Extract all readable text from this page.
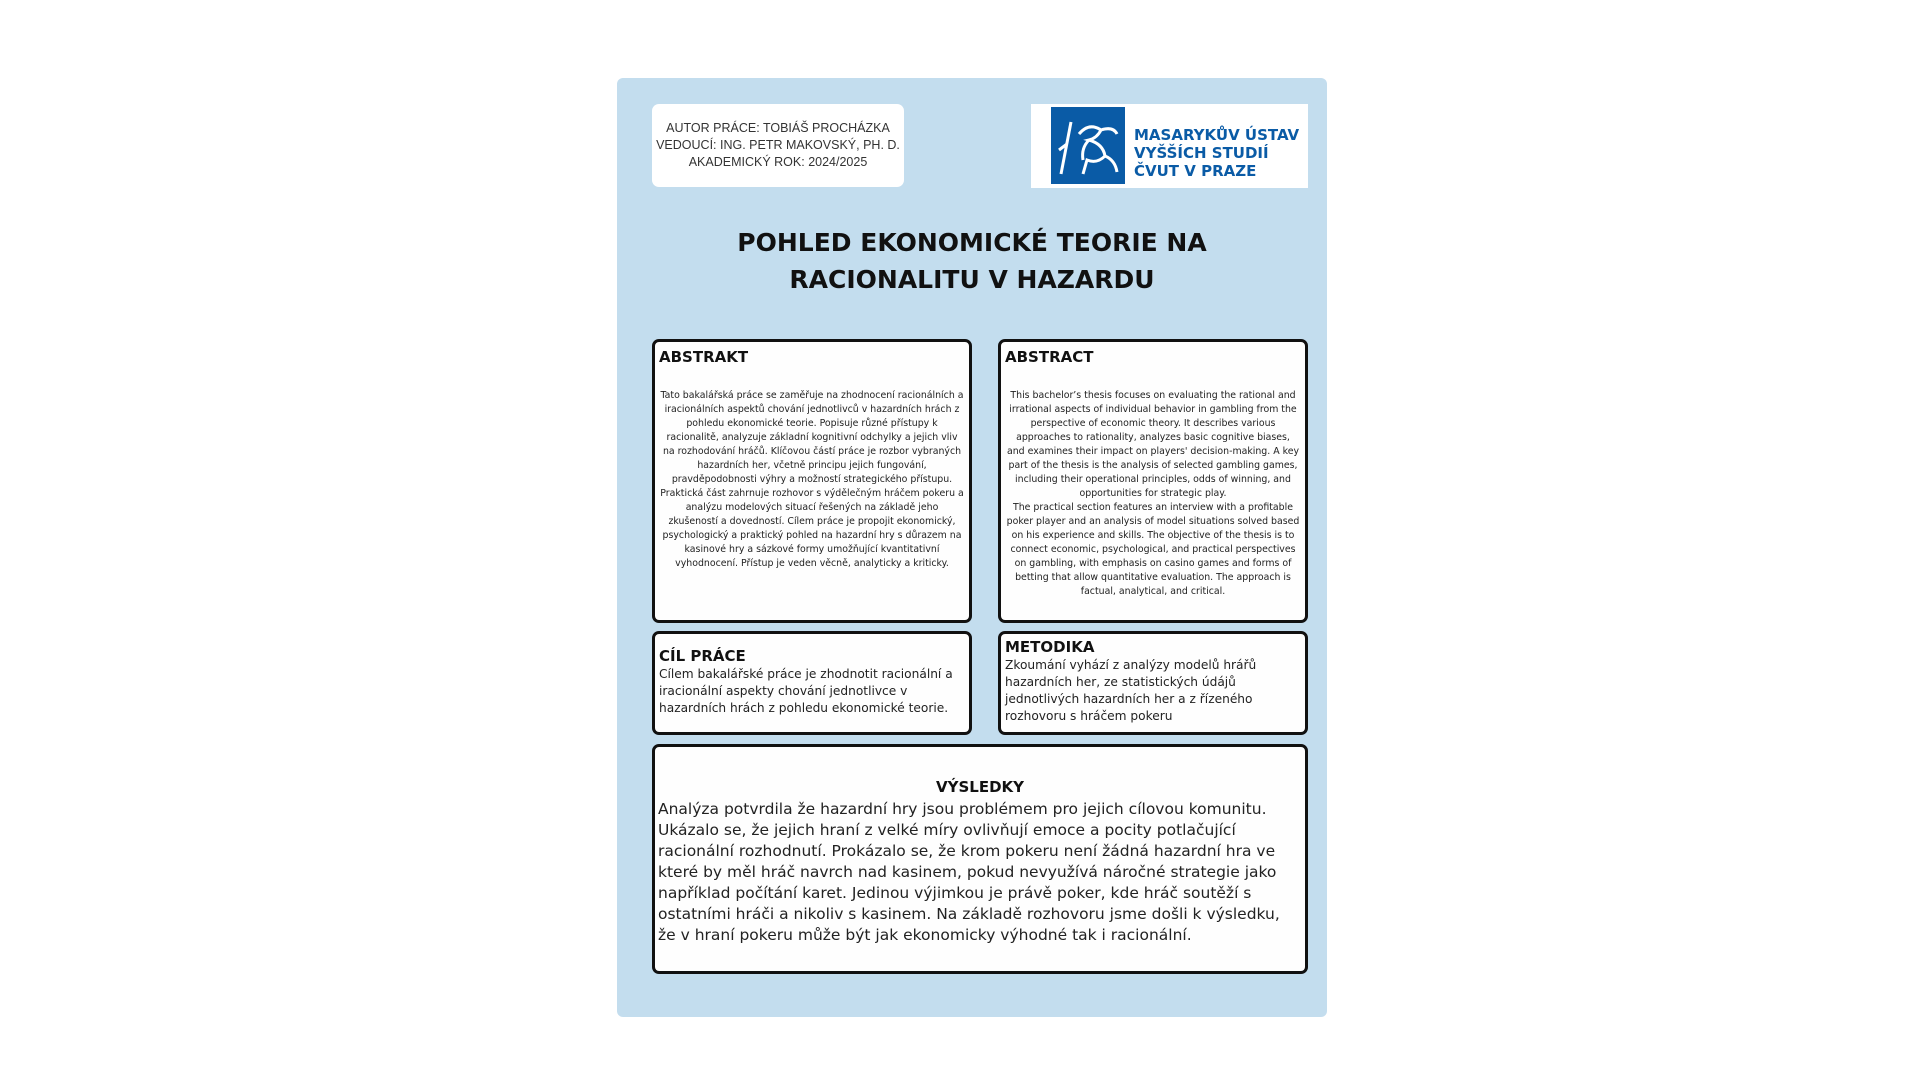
AUTOR PRÁCE: TOBIÁŠ PROCHÁZKA
VEDOUCÍ: ING. PETR MAKOVSKÝ, PH. D.
AKADEMICKÝ ROK: 2024/2025
MASARYKŮV ÚSTAV
VYŠŠÍCH STUDIÍ
ČVUT V PRAZE
POHLED EKONOMICKÉ TEORIE NA
RACIONALITU V HAZARDU
ABSTRAKT

Tato bakalářská práce se zaměřuje na zhodnocení racionálních a iracionálních aspektů chování jednotlivců v hazardních hrách z pohledu ekonomické teorie. Popisuje různé přístupy k racionalitě, analyzuje základní kognitivní odchylky a jejich vliv na rozhodování hráčů. Klíčovou částí práce je rozbor vybraných hazardních her, včetně principu jejich fungování, pravděpodobnosti výhry a možností strategického přístupu.

Praktická část zahrnuje rozhovor s výdělečným hráčem pokeru a analýzu modelových situací řešených na základě jeho zkušeností a dovedností. Cílem práce je propojit ekonomický, psychologický a praktický pohled na hazardní hry s důrazem na kasinové hry a sázkové formy umožňující kvantitativní vyhodnocení. Přístup je veden věcně, analyticky a kriticky.

ABSTRACT

This bachelor’s thesis focuses on evaluating the rational and irrational aspects of individual behavior in gambling from the perspective of economic theory. It describes various approaches to rationality, analyzes basic cognitive biases, and examines their impact on players' decision-making. A key part of the thesis is the analysis of selected gambling games, including their operational principles, odds of winning, and opportunities for strategic play.

The practical section features an interview with a profitable poker player and an analysis of model situations solved based on his experience and skills. The objective of the thesis is to connect economic, psychological, and practical perspectives on gambling, with emphasis on casino games and forms of betting that allow quantitative evaluation. The approach is factual, analytical, and critical.

CÍL PRÁCE
Cílem bakalářské práce je zhodnotit racionální a iracionální aspekty chování jednotlivce v hazardních hrách z pohledu ekonomické teorie.
METODIKA
Zkoumání vyhází z analýzy modelů hrářů hazardních her, ze statistických údájů jednotlivých hazardních her a z řízeného rozhovoru s hráčem pokeru
VÝSLEDKY
Analýza potvrdila že hazardní hry jsou problémem pro jejich cílovou komunitu.
Ukázalo se, že jejich hraní z velké míry ovlivňují emoce a pocity potlačující racionální rozhodnutí. Prokázalo se, že krom pokeru není žádná hazardní hra ve které by měl hráč navrch nad kasinem, pokud nevyužívá náročné strategie jako například počítání karet. Jedinou výjimkou je právě poker, kde hráč soutěží s ostatními hráči a nikoliv s kasinem. Na základě rozhovoru jsme došli k výsledku, že v hraní pokeru může být jak ekonomicky výhodné tak i racionální.
